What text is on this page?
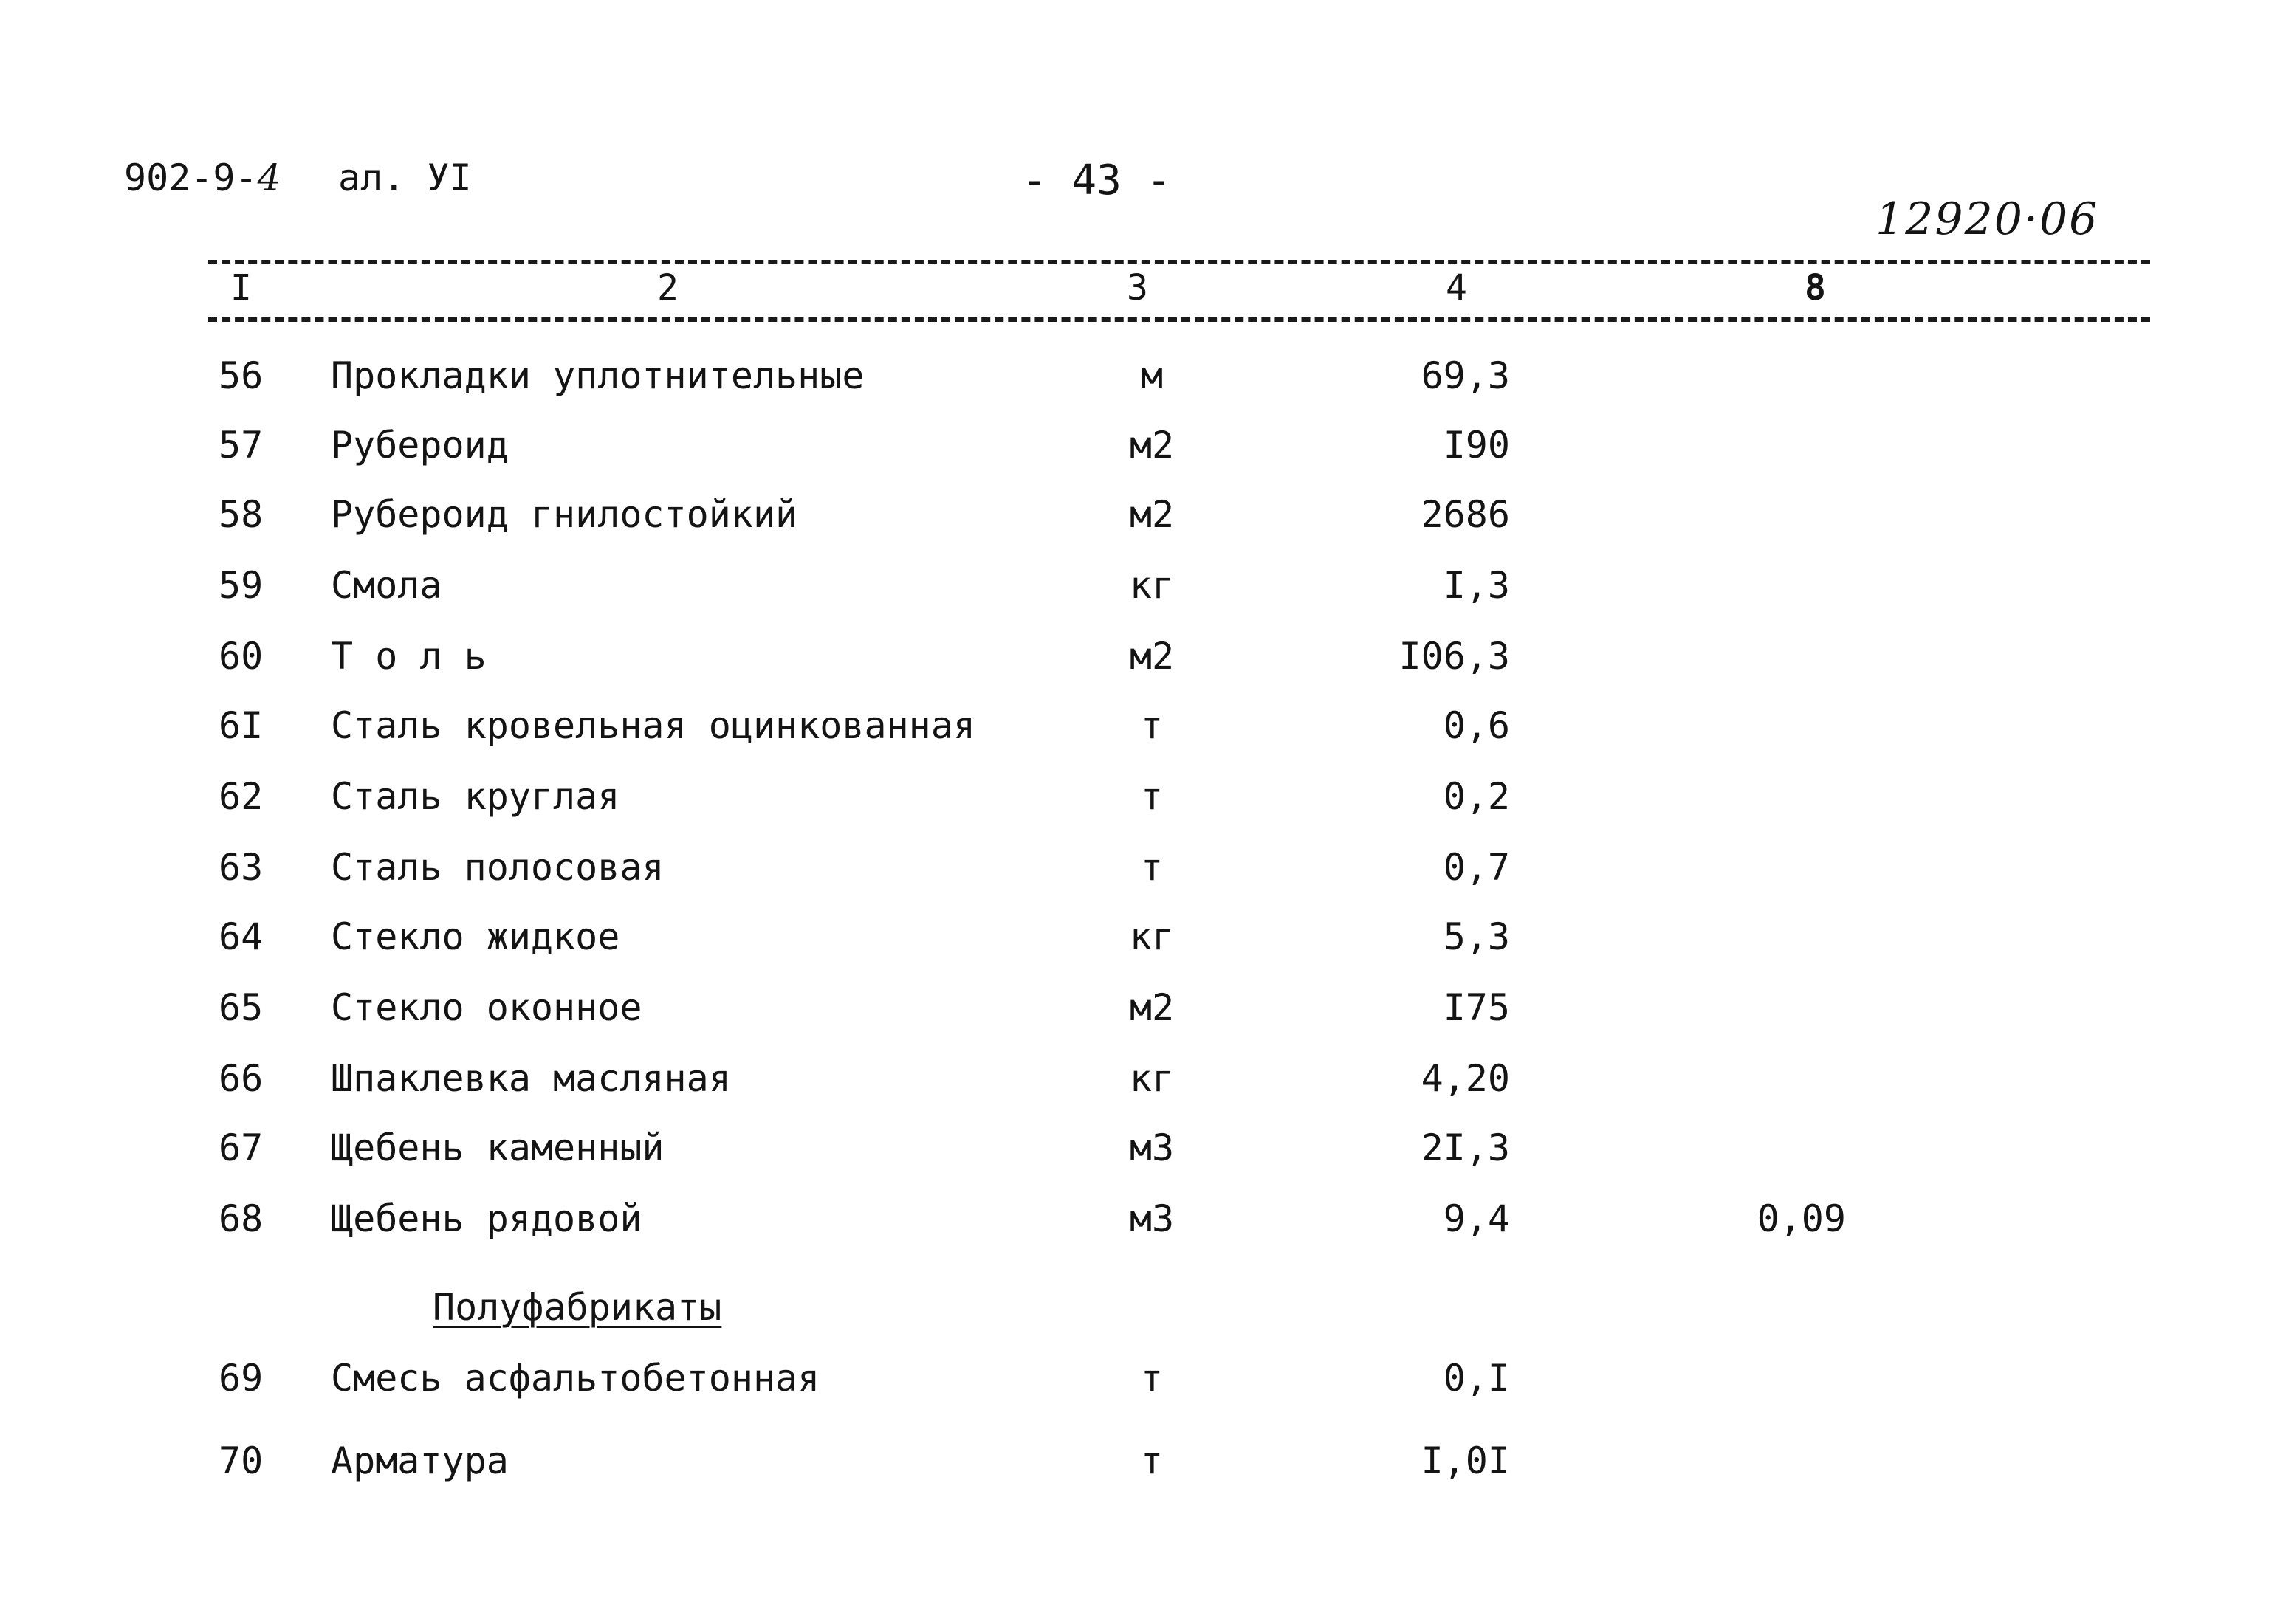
902-9-4 ал. УI	- 43 -
12920·06
I	2	3	4	8
56	Прокладки уплотнительные	м	69,3
57	Рубероид	м2	I90
58	Рубероид гнилостойкий	м2	2686
59	Смола	кг	I,3
60	Т о л ь	м2	I06,3
6I	Сталь кровельная оцинкованная	т	0,6
62	Сталь круглая	т	0,2
63	Сталь полосовая	т	0,7
64	Стекло жидкое	кг	5,3
65	Стекло оконное	м2	I75
66	Шпаклевка масляная	кг	4,20
67	Щебень каменный	м3	2I,3
68	Щебень рядовой	м3	9,4	0,09
Полуфабрикаты
69	Смесь асфальтобетонная	т	0,I
70	Арматура	т	I,0I
